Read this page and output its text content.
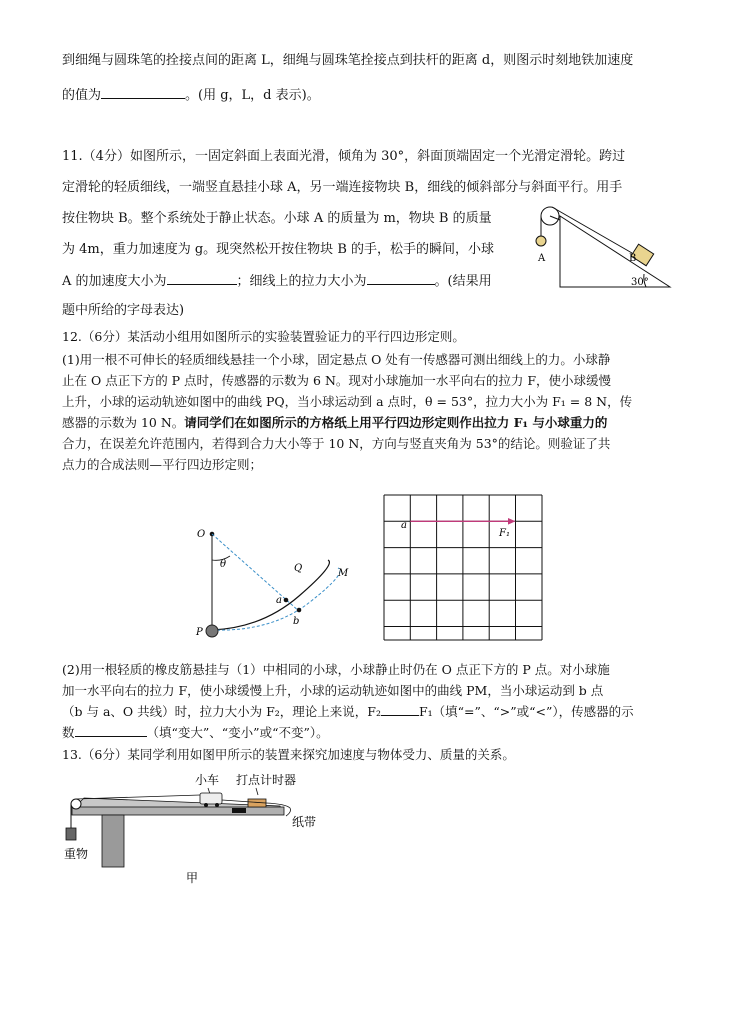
到细绳与圆珠笔的拴接点间的距离 L，细绳与圆珠笔拴接点到扶杆的距离 d，则图示时刻地铁加速度
的值为	。(用 g，L，d 表示)。
11.（4分）如图所示，一固定斜面上表面光滑，倾角为 30°，斜面顶端固定一个光滑定滑轮。跨过
定滑轮的轻质细线，一端竖直悬挂小球 A，另一端连接物块 B，细线的倾斜部分与斜面平行。用手
按住物块 B。整个系统处于静止状态。小球 A 的质量为 m，物块 B 的质量
为 4m，重力加速度为 g。现突然松开按住物块 B 的手，松手的瞬间，小球
A 的加速度大小为	；细线上的拉力大小为	。(结果用
题中所给的字母表达)
A	B
30°
12.（6分）某活动小组用如图所示的实验装置验证力的平行四边形定则。
(1)用一根不可伸长的轻质细线悬挂一个小球，固定悬点 O 处有一传感器可测出细线上的力。小球静
止在 O 点正下方的 P 点时，传感器的示数为 6 N。现对小球施加一水平向右的拉力 F，使小球缓慢
上升，小球的运动轨迹如图中的曲线 PQ，当小球运动到 a 点时，θ = 53°，拉力大小为 F₁ = 8 N，传
感器的示数为 10 N。请同学们在如图所示的方格纸上用平行四边形定则作出拉力 F₁ 与小球重力的
合力，在误差允许范围内，若得到合力大小等于 10 N，方向与竖直夹角为 53°的结论。则验证了共
点力的合成法则—平行四边形定则；
O
θ	Q	M
a
b
P
a
F₁
(2)用一根轻质的橡皮筋悬挂与（1）中相同的小球，小球静止时仍在 O 点正下方的 P 点。对小球施
加一水平向右的拉力 F，使小球缓慢上升，小球的运动轨迹如图中的曲线 PM，当小球运动到 b 点
（b 与 a、O 共线）时，拉力大小为 F₂，理论上来说，F₂	F₁（填“=”、“>”或“<”），传感器的示
数	（填“变大”、“变小”或“不变”）。
13.（6分）某同学利用如图甲所示的装置来探究加速度与物体受力、质量的关系。
小车 打点计时器
纸带
重物
甲
